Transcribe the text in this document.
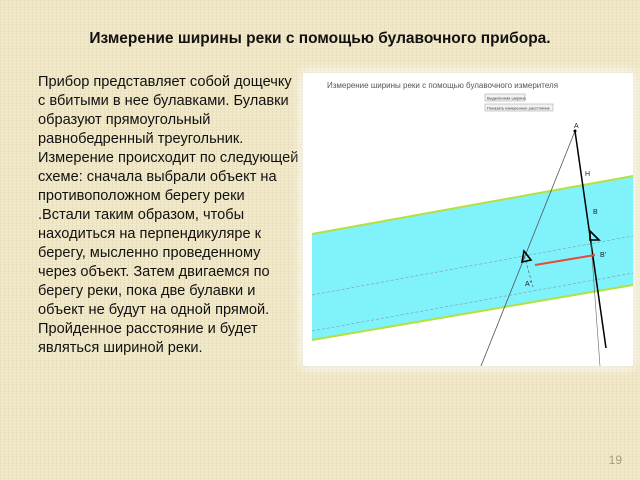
Измерение ширины реки с помощью булавочного прибора.

Прибор представляет собой дощечку с вбитыми в нее булавками. Булавки образуют прямоугольный равнобедренный треугольник. Измерение происходит по следующей схеме: сначала выбрали объект на противоположном берегу реки .Встали таким образом, чтобы находиться на перпендикуляре к берегу, мысленно проведенному через объект. Затем двигаемся по берегу реки, пока две булавки и объект не будут на одной прямой. Пройденное расстояние и будет являться шириной реки.

Измерение ширины реки с помощью булавочного измерителя
Выделенная ширина
Показать измеренное расстояние
A
H
B
B'
A'
19
